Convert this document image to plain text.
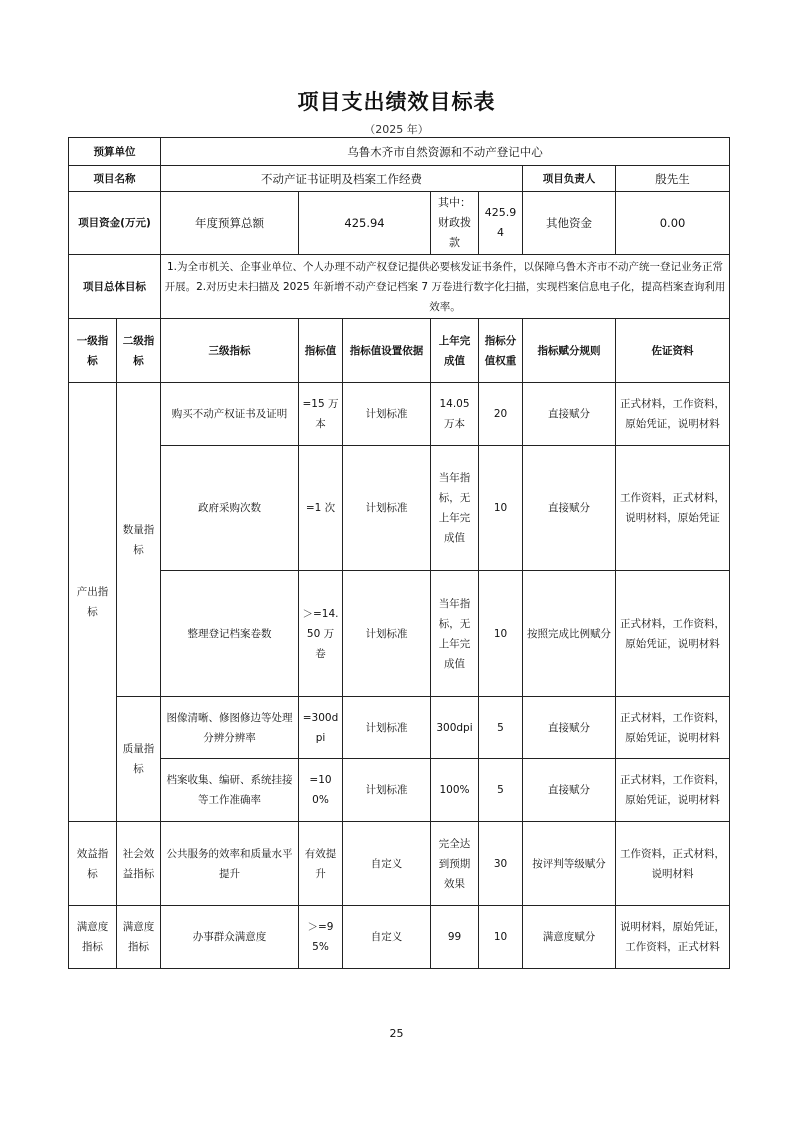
项目支出绩效目标表
（2025 年）
预算单位		乌鲁木齐市自然资源和不动产登记中心						
项目名称		不动产证书证明及档案工作经费					项目负责人	殷先生
项目资金(万元)		年度预算总额	425.94		其中：财政拨款	425.94	其他资金	0.00
项目总体目标		1.为全市机关、企事业单位、个人办理不动产权登记提供必要核发证书条件，以保障乌鲁木齐市不动产统一登记业务正常开展。2.对历史未扫描及 2025 年新增不动产登记档案 7 万卷进行数字化扫描，实现档案信息电子化，提高档案查询利用效率。						
一级指标	二级指标	三级指标	指标值	指标值设置依据	上年完成值	指标分值权重	指标赋分规则	佐证资料
产出指标	数量指标	购买不动产权证书及证明	=15 万本	计划标准	14.05 万本	20	直接赋分	正式材料，工作资料，原始凭证，说明材料
		政府采购次数	=1 次	计划标准	当年指标，无上年完成值	10	直接赋分	工作资料，正式材料，说明材料，原始凭证
		整理登记档案卷数	＞=14.50 万卷	计划标准	当年指标，无上年完成值	10	按照完成比例赋分	正式材料，工作资料，原始凭证，说明材料
	质量指标	图像清晰、修图修边等处理分辨分辨率	=300dpi	计划标准	300dpi	5	直接赋分	正式材料，工作资料，原始凭证，说明材料
		档案收集、编研、系统挂接等工作准确率	=100%	计划标准	100%	5	直接赋分	正式材料，工作资料，原始凭证，说明材料
效益指标	社会效益指标	公共服务的效率和质量水平提升	有效提升	自定义	完全达到预期效果	30	按评判等级赋分	工作资料，正式材料，说明材料
满意度指标	满意度指标	办事群众满意度	＞=95%	自定义	99	10	满意度赋分	说明材料，原始凭证，工作资料，正式材料
25
